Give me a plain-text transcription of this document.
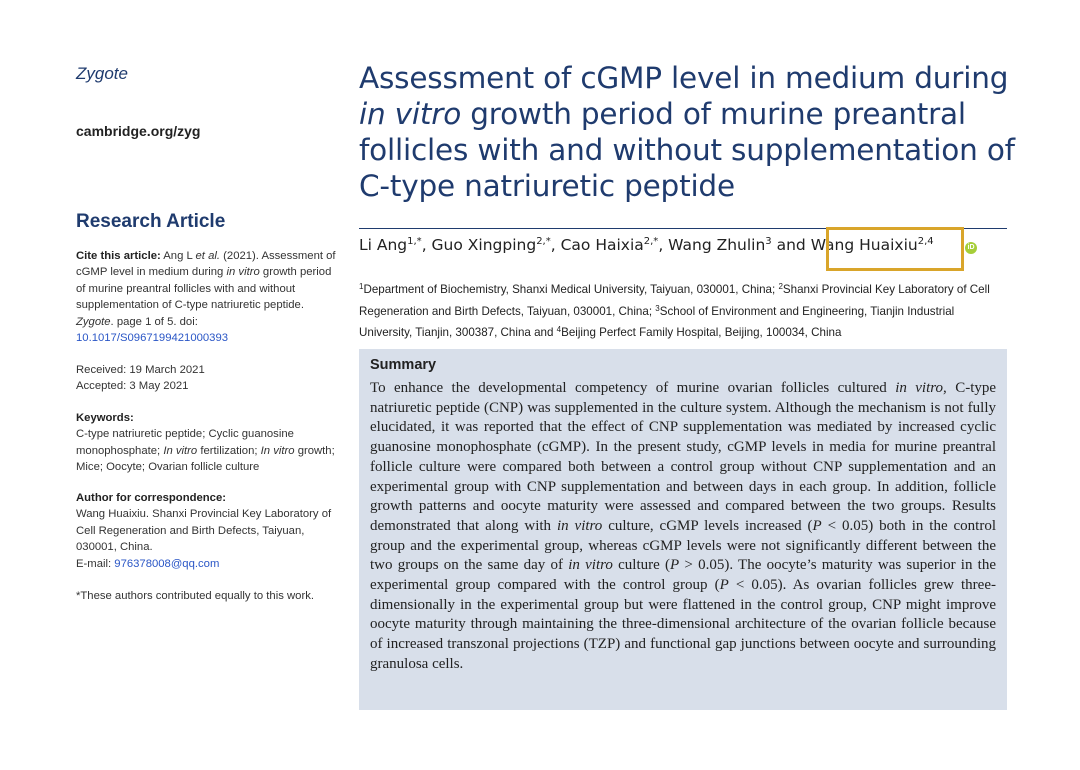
Zygote
cambridge.org/zyg
Research Article
Cite this article: Ang L et al. (2021). Assessment of cGMP level in medium during in vitro growth period of murine preantral follicles with and without supplementation of C-type natriuretic peptide. Zygote. page 1 of 5. doi: 10.1017/S0967199421000393
Received: 19 March 2021
Accepted: 3 May 2021
Keywords:
C-type natriuretic peptide; Cyclic guanosine monophosphate; In vitro fertilization; In vitro growth; Mice; Oocyte; Ovarian follicle culture
Author for correspondence:
Wang Huaixiu. Shanxi Provincial Key Laboratory of Cell Regeneration and Birth Defects, Taiyuan, 030001, China.
E-mail: 976378008@qq.com
*These authors contributed equally to this work.
Assessment of cGMP level in medium during in vitro growth period of murine preantral follicles with and without supplementation of C-type natriuretic peptide
Li Ang$^{1,*}$, Guo Xingping$^{2,*}$, Cao Haixia$^{2,*}$, Wang Zhulin$^3$ and Wang Huaixiu$^{2,4}$
iD
$^1$Department of Biochemistry, Shanxi Medical University, Taiyuan, 030001, China; $^2$Shanxi Provincial Key Laboratory of Cell Regeneration and Birth Defects, Taiyuan, 030001, China; $^3$School of Environment and Engineering, Tianjin Industrial University, Tianjin, 300387, China and $^4$Beijing Perfect Family Hospital, Beijing, 100034, China
Summary
To enhance the developmental competency of murine ovarian follicles cultured in vitro, C-type natriuretic peptide (CNP) was supplemented in the culture system. Although the mechanism is not fully elucidated, it was reported that the effect of CNP supplementation was mediated by increased cyclic guanosine monophosphate (cGMP). In the present study, cGMP levels in media for murine preantral follicle culture were compared both between a control group without CNP supplementation and an experimental group with CNP supplementation and between days in each group. In addition, follicle growth patterns and oocyte maturity were assessed and compared between the two groups. Results demonstrated that along with in vitro culture, cGMP levels increased (P < 0.05) both in the control group and the experimental group, whereas cGMP levels were not significantly different between the two groups on the same day of in vitro culture (P > 0.05). The oocyte’s maturity was superior in the experimental group compared with the control group (P < 0.05). As ovarian follicles grew three-dimensionally in the experimental group but were flattened in the control group, CNP might improve oocyte maturity through maintaining the three-dimensional architecture of the ovarian follicle because of increased transzonal projections (TZP) and functional gap junctions between oocyte and surrounding granulosa cells.
